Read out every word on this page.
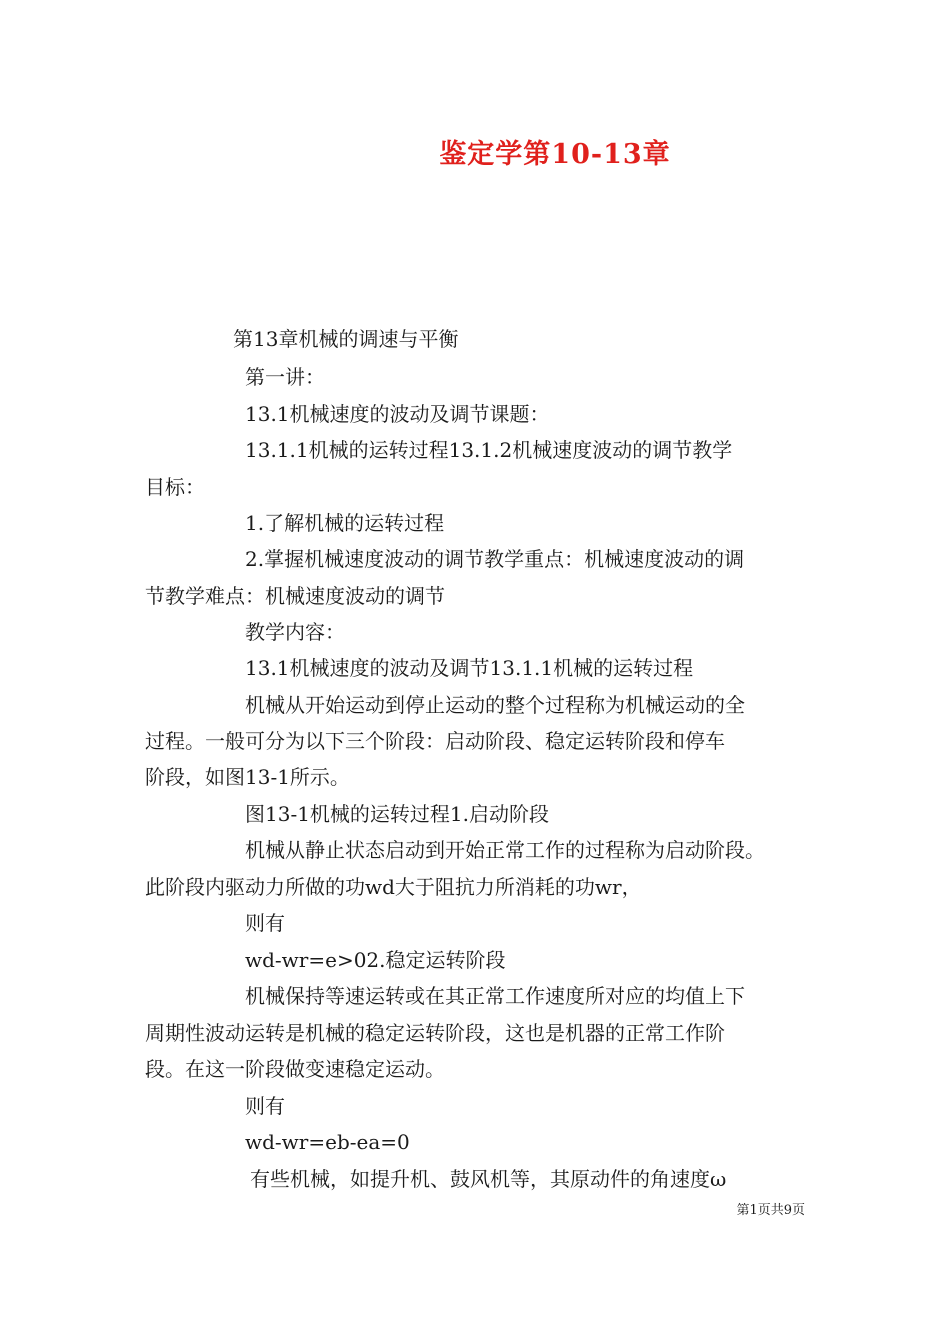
鉴定学第10-13章

第13章机械的调速与平衡

第一讲：

13.1机械速度的波动及调节课题：

13.1.1机械的运转过程13.1.2机械速度波动的调节教学

目标：

1.了解机械的运转过程

2.掌握机械速度波动的调节教学重点：机械速度波动的调

节教学难点：机械速度波动的调节

教学内容：

13.1机械速度的波动及调节13.1.1机械的运转过程

机械从开始运动到停止运动的整个过程称为机械运动的全

过程。一般可分为以下三个阶段：启动阶段、稳定运转阶段和停车

阶段，如图13-1所示。

图13-1机械的运转过程1.启动阶段

机械从静止状态启动到开始正常工作的过程称为启动阶段。

此阶段内驱动力所做的功wd大于阻抗力所消耗的功wr，

则有

wd-wr=e>02.稳定运转阶段

机械保持等速运转或在其正常工作速度所对应的均值上下

周期性波动运转是机械的稳定运转阶段，这也是机器的正常工作阶

段。在这一阶段做变速稳定运动。

则有

wd-wr=eb-ea=0

有些机械，如提升机、鼓风机等，其原动件的角速度ω

第1页共9页
